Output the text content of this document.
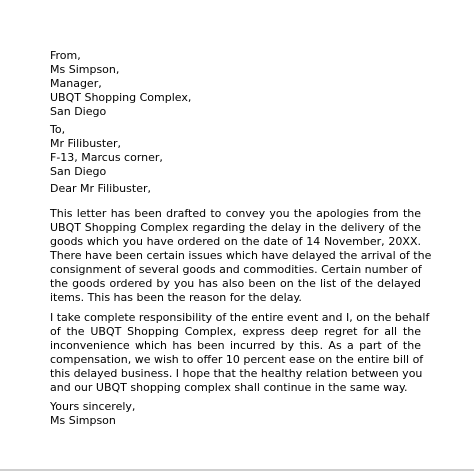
From,
Ms Simpson,
Manager,
UBQT Shopping Complex,
San Diego
To,
Mr Filibuster,
F-13, Marcus corner,
San Diego
Dear Mr Filibuster,
This letter has been drafted to convey you the apologies from the
UBQT Shopping Complex regarding the delay in the delivery of the
goods which you have ordered on the date of 14 November, 20XX.
There have been certain issues which have delayed the arrival of the
consignment of several goods and commodities. Certain number of
the goods ordered by you has also been on the list of the delayed
items. This has been the reason for the delay.
I take complete responsibility of the entire event and I, on the behalf
of the UBQT Shopping Complex, express deep regret for all the
inconvenience which has been incurred by this. As a part of the
compensation, we wish to offer 10 percent ease on the entire bill of
this delayed business. I hope that the healthy relation between you
and our UBQT shopping complex shall continue in the same way.
Yours sincerely,
Ms Simpson
